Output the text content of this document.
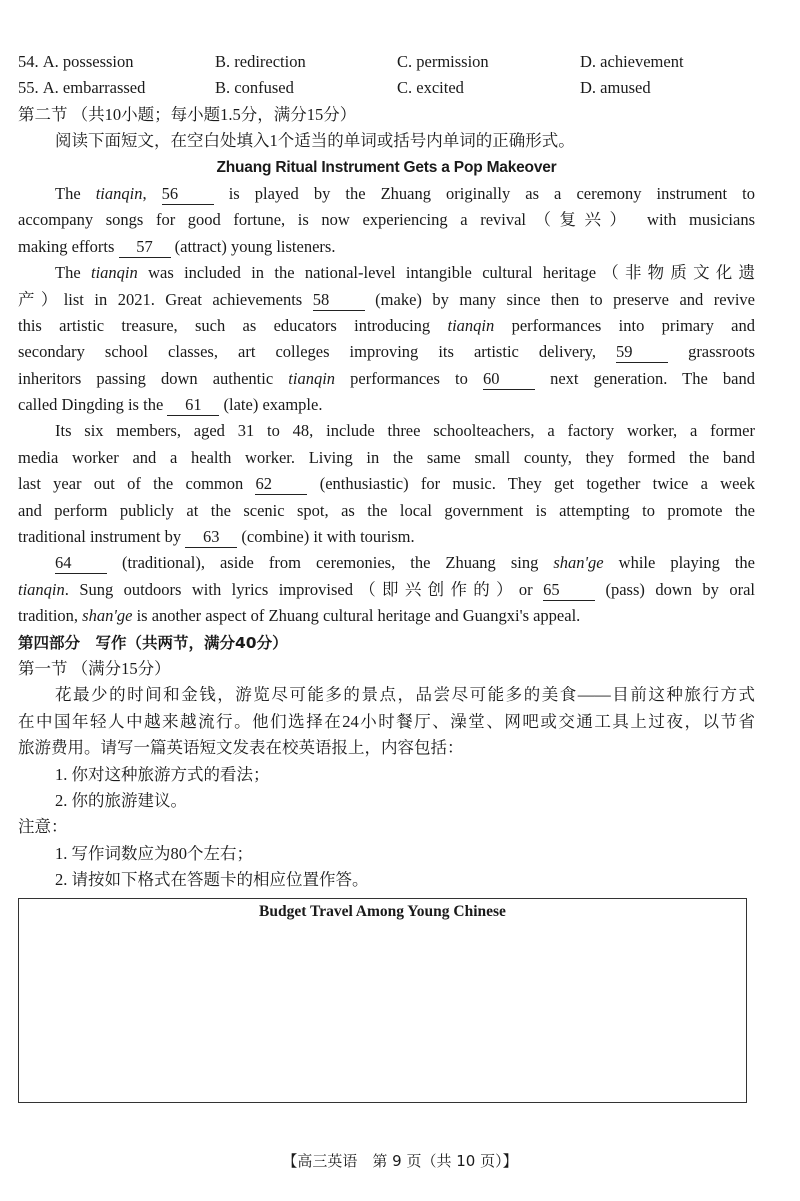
54. A. possession	B. redirection	C. permission	D. achievement
55. A. embarrassed	B. confused	C. excited	D. amused
第二节 （共10小题；每小题1.5分，满分15分）
阅读下面短文，在空白处填入1个适当的单词或括号内单词的正确形式。
Zhuang Ritual Instrument Gets a Pop Makeover
The tianqin, 56 is played by the Zhuang originally as a ceremony instrument to
accompany songs for good fortune, is now experiencing a revival（复兴） with musicians
making efforts 57 (attract) young listeners.
The tianqin was included in the national-level intangible cultural heritage（非物质文化遗
产）list in 2021. Great achievements 58 (make) by many since then to preserve and revive
this artistic treasure, such as educators introducing tianqin performances into primary and
secondary school classes, art colleges improving its artistic delivery, 59 grassroots
inheritors passing down authentic tianqin performances to 60 next generation. The band
called Dingding is the 61 (late) example.
Its six members, aged 31 to 48, include three schoolteachers, a factory worker, a former
media worker and a health worker. Living in the same small county, they formed the band
last year out of the common 62 (enthusiastic) for music. They get together twice a week
and perform publicly at the scenic spot, as the local government is attempting to promote the
traditional instrument by 63 (combine) it with tourism.
64 (traditional), aside from ceremonies, the Zhuang sing shan'ge while playing the
tianqin. Sung outdoors with lyrics improvised（即兴创作的）or 65 (pass) down by oral
tradition, shan'ge is another aspect of Zhuang cultural heritage and Guangxi's appeal.
第四部分　写作（共两节，满分40分）
第一节 （满分15分）
花最少的时间和金钱，游览尽可能多的景点，品尝尽可能多的美食——目前这种旅行方式
在中国年轻人中越来越流行。他们选择在24小时餐厅、澡堂、网吧或交通工具上过夜，以节省
旅游费用。请写一篇英语短文发表在校英语报上，内容包括：
1. 你对这种旅游方式的看法；
2. 你的旅游建议。
注意：
1. 写作词数应为80个左右；
2. 请按如下格式在答题卡的相应位置作答。
Budget Travel Among Young Chinese
【高三英语　第 9 页（共 10 页）】
